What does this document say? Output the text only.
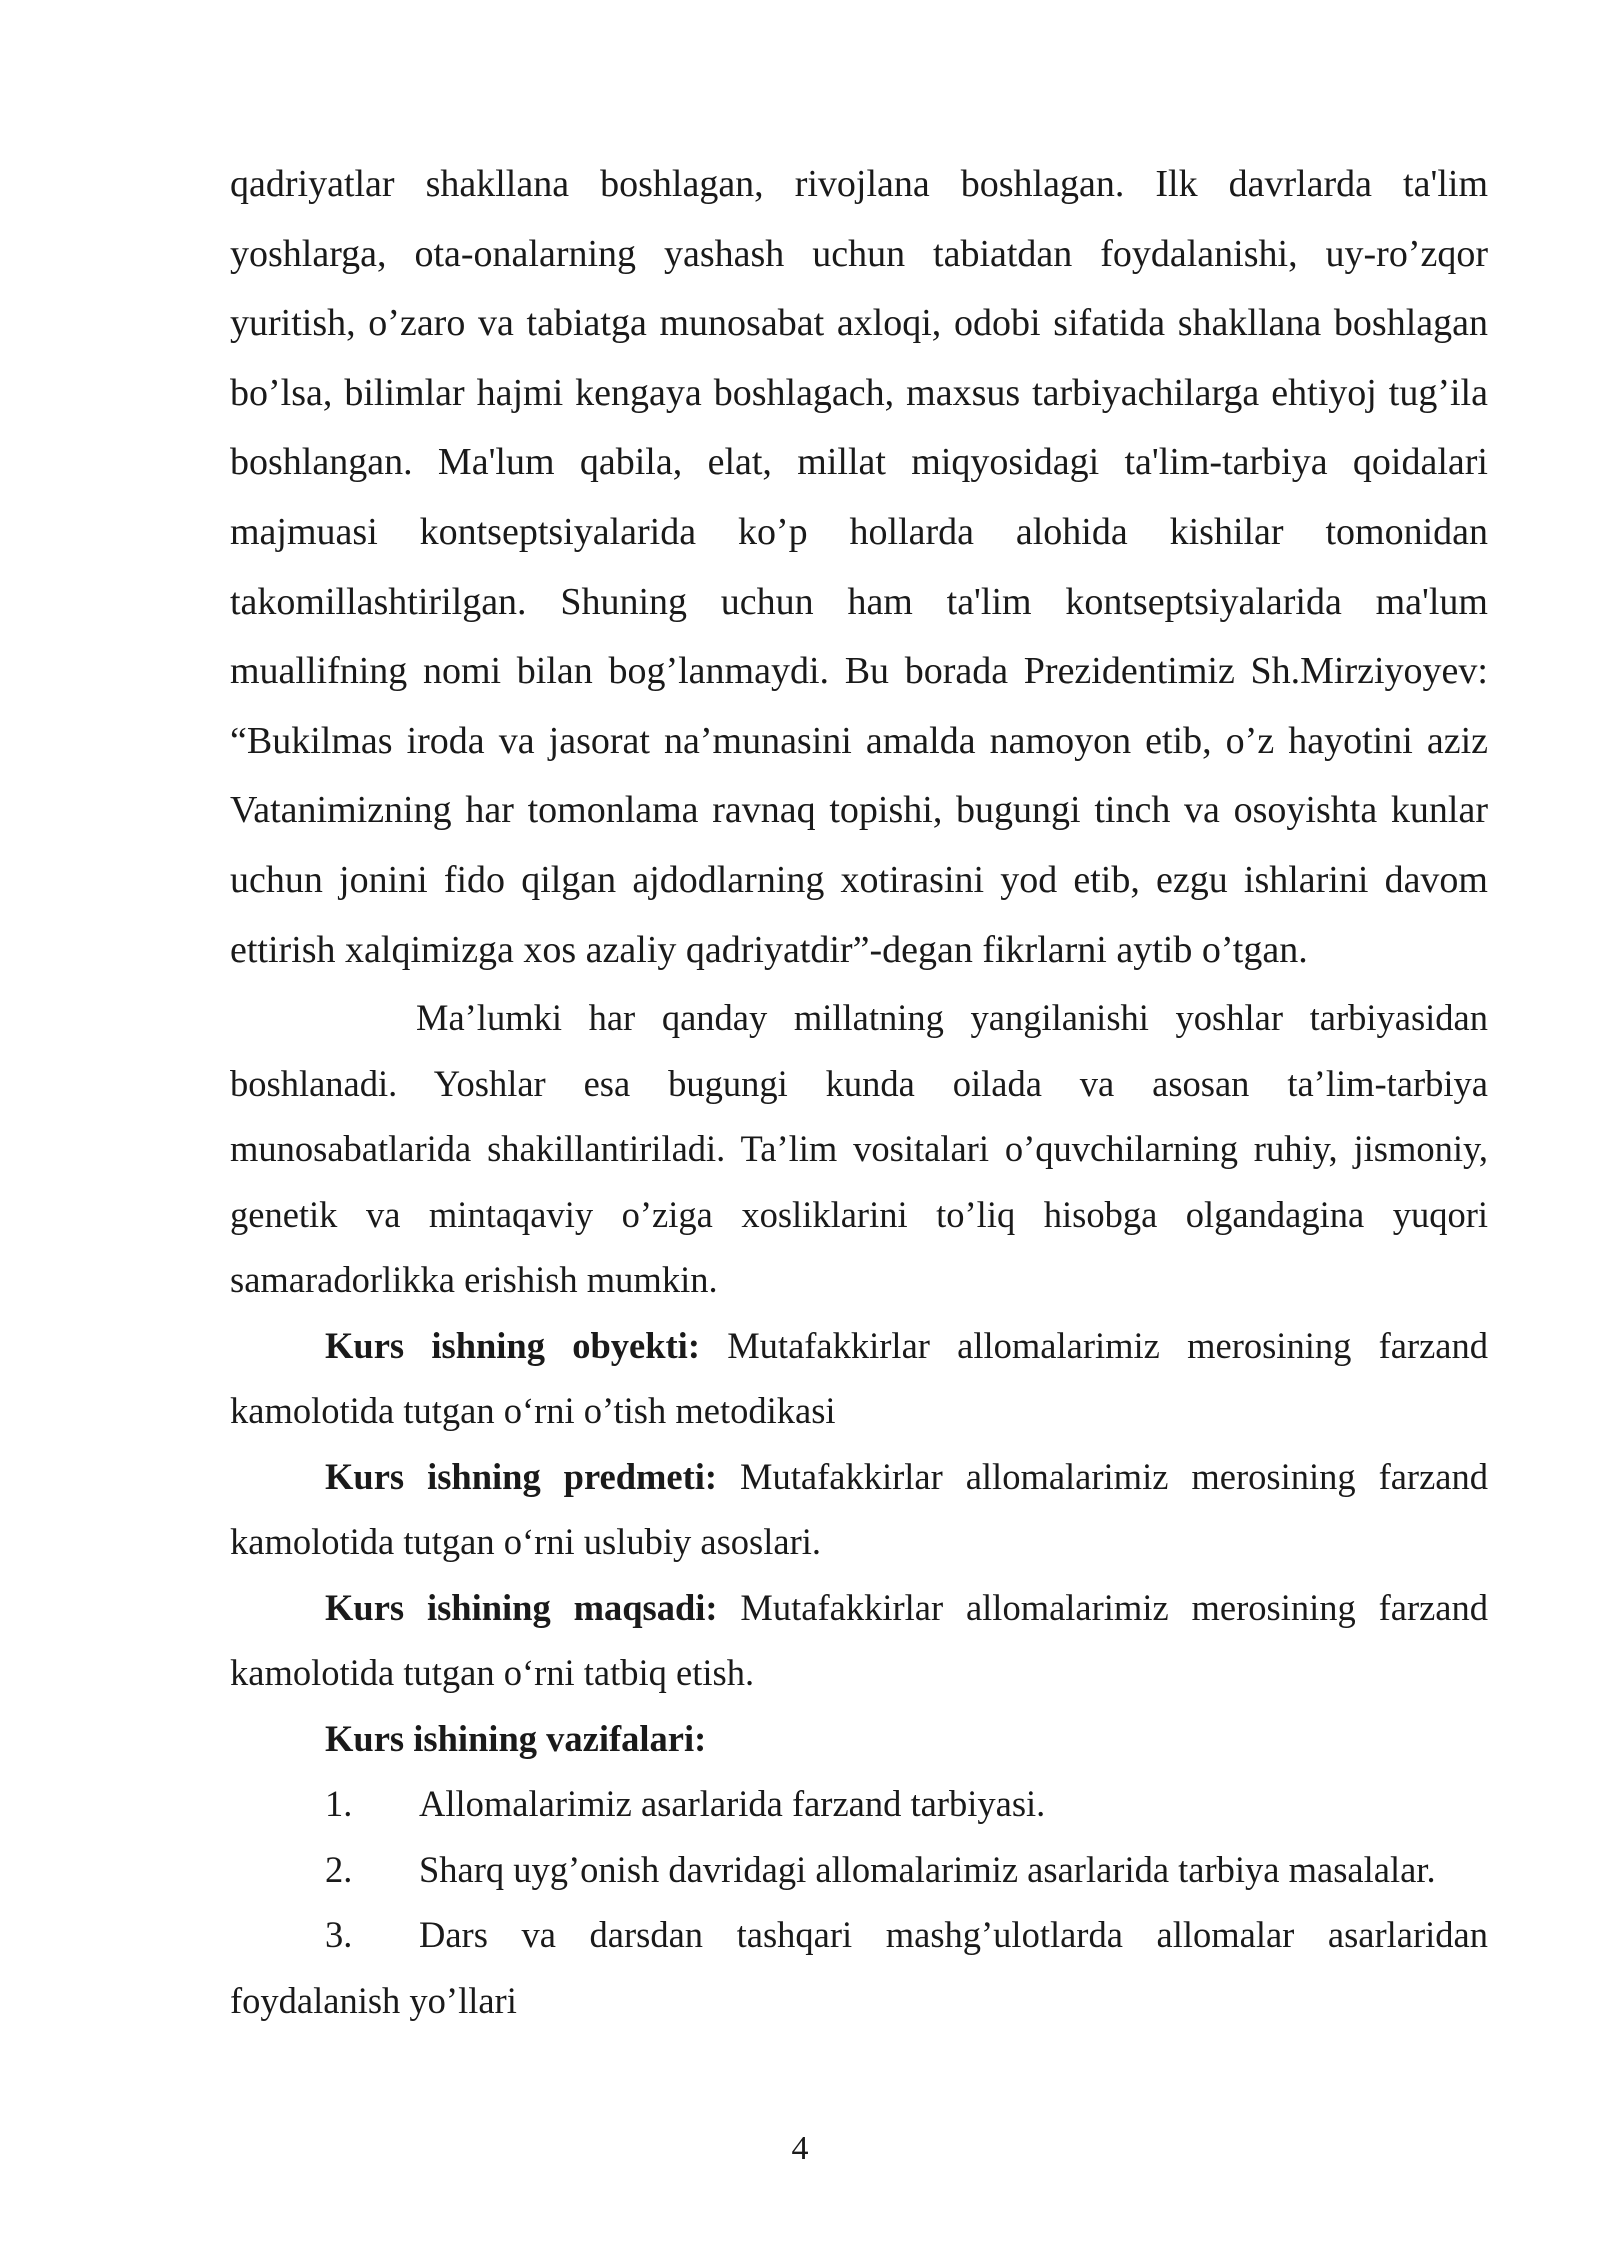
qadriyatlar shakllana boshlagan, rivojlana boshlagan. Ilk davrlarda ta'lim yoshlarga, ota-onalarning yashash uchun tabiatdan foydalanishi, uy-ro’zqor yuritish, o’zaro va tabiatga munosabat axloqi, odobi sifatida shakllana boshlagan bo’lsa, bilimlar hajmi kengaya boshlagach, maxsus tarbiyachilarga ehtiyoj tug’ila boshlangan. Ma'lum qabila, elat, millat miqyosidagi ta'lim-tarbiya qoidalari majmuasi kontseptsiyalarida ko’p hollarda alohida kishilar tomonidan takomillashtirilgan. Shuning uchun ham ta'lim kontseptsiyalarida ma'lum muallifning nomi bilan bog’lanmaydi. Bu borada Prezidentimiz Sh.Mirziyoyev: “Bukilmas iroda va jasorat na’munasini amalda namoyon etib, o’z hayotini aziz Vatanimizning har tomonlama ravnaq topishi, bugungi tinch va osoyishta kunlar uchun jonini fido qilgan ajdodlarning xotirasini yod etib, ezgu ishlarini davom ettirish xalqimizga xos azaliy qadriyatdir”-degan fikrlarni aytib o’tgan.

Ma’lumki har qanday millatning yangilanishi yoshlar tarbiyasidan boshlanadi. Yoshlar esa bugungi kunda oilada va asosan ta’lim-tarbiya munosabatlarida shakillantiriladi. Ta’lim vositalari o’quvchilarning ruhiy, jismoniy, genetik va mintaqaviy o’ziga xosliklarini to’liq hisobga olgandagina yuqori samaradorlikka erishish mumkin.

Kurs ishning obyekti: Mutafakkirlar allomalarimiz merosining farzand kamolotida tutgan o‘rni o’tish metodikasi

Kurs ishning predmeti: Mutafakkirlar allomalarimiz merosining farzand kamolotida tutgan o‘rni uslubiy asoslari.

Kurs ishining maqsadi: Mutafakkirlar allomalarimiz merosining farzand kamolotida tutgan o‘rni tatbiq etish.

Kurs ishining vazifalari:

1. Allomalarimiz asarlarida farzand tarbiyasi.

2. Sharq uyg’onish davridagi allomalarimiz asarlarida tarbiya masalalar.

3. Dars va darsdan tashqari mashg’ulotlarda allomalar asarlaridan foydalanish yo’llari

4
